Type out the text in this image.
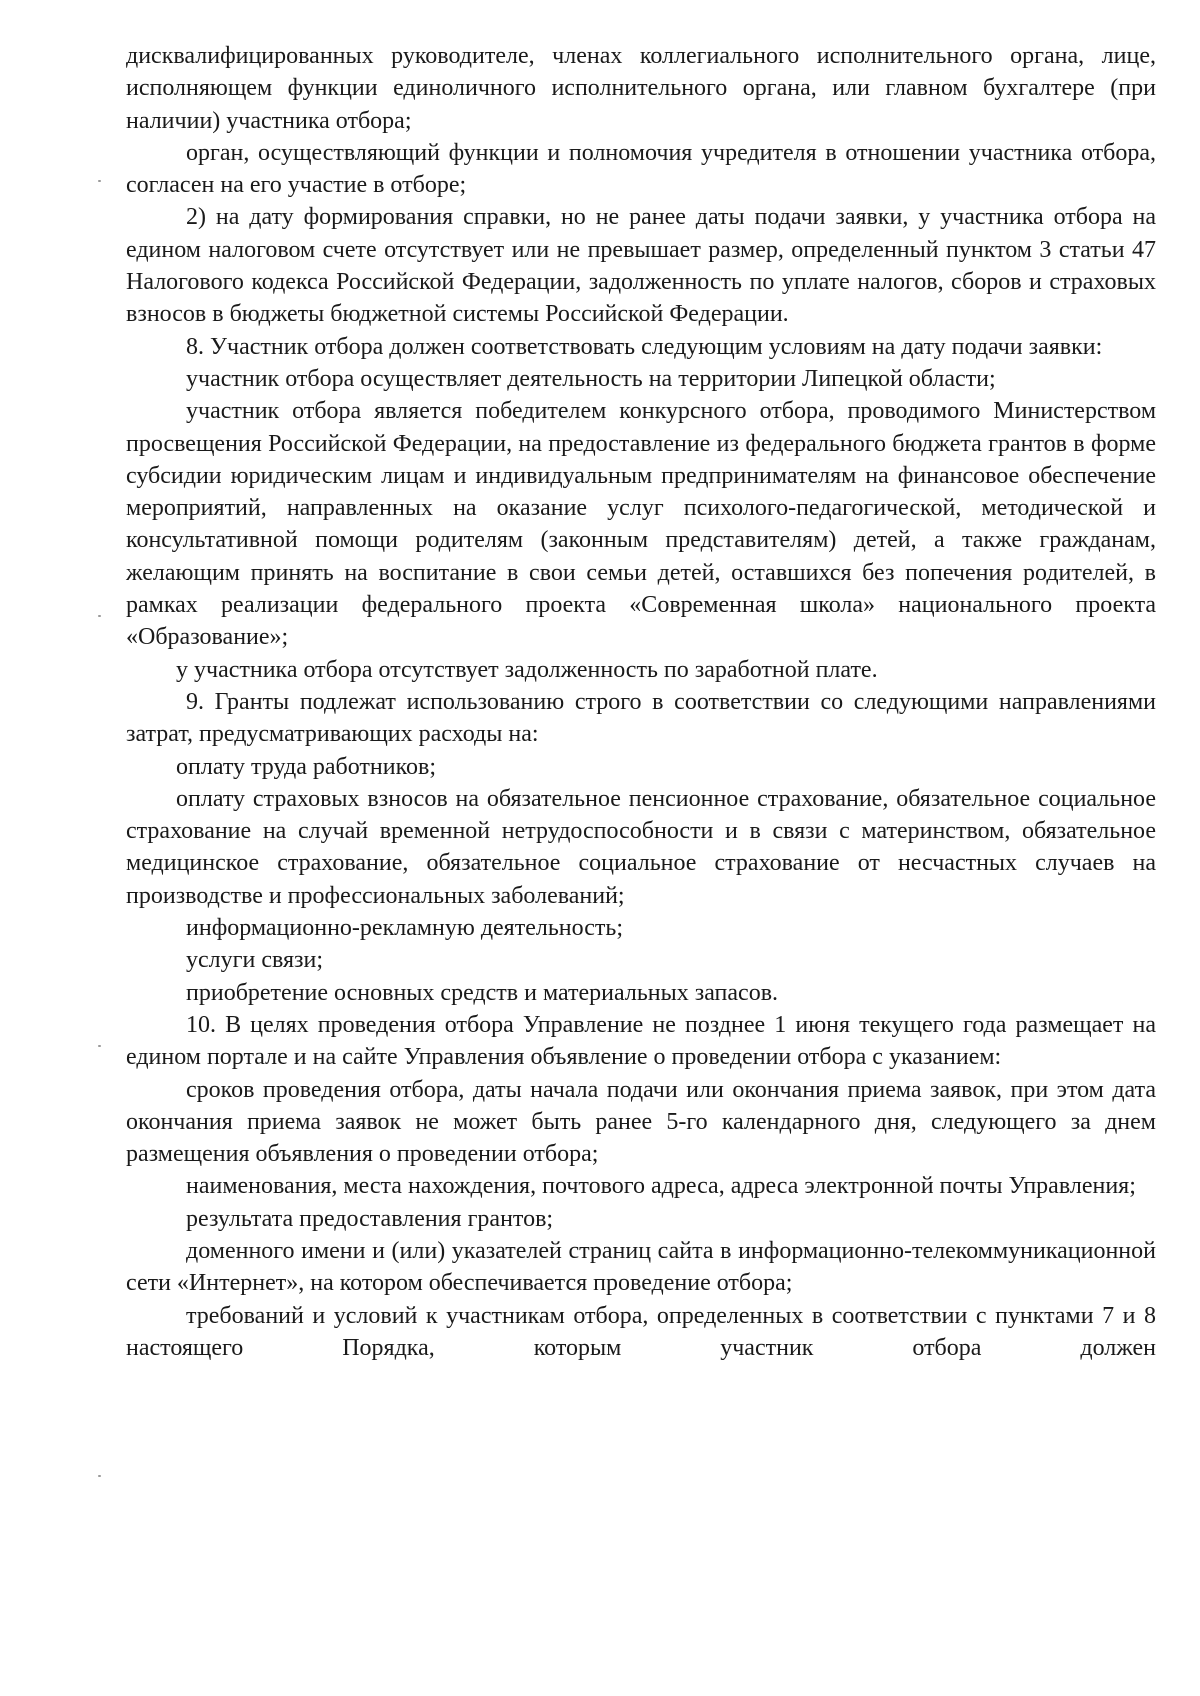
дисквалифицированных руководителе, членах коллегиального исполнительного органа, лице, исполняющем функции единоличного исполнительного органа, или главном бухгалтере (при наличии) участника отбора;

орган, осуществляющий функции и полномочия учредителя в отношении участника отбора, согласен на его участие в отборе;

2) на дату формирования справки, но не ранее даты подачи заявки, у участника отбора на едином налоговом счете отсутствует или не превышает размер, определенный пунктом 3 статьи 47 Налогового кодекса Российской Федерации, задолженность по уплате налогов, сборов и страховых взносов в бюджеты бюджетной системы Российской Федерации.

8. Участник отбора должен соответствовать следующим условиям на дату подачи заявки:

участник отбора осуществляет деятельность на территории Липецкой области;

участник отбора является победителем конкурсного отбора, проводимого Министерством просвещения Российской Федерации, на предоставление из федерального бюджета грантов в форме субсидии юридическим лицам и индивидуальным предпринимателям на финансовое обеспечение мероприятий, направленных на оказание услуг психолого-педагогической, методической и консультативной помощи родителям (законным представителям) детей, а также гражданам, желающим принять на воспитание в свои семьи детей, оставшихся без попечения родителей, в рамках реализации федерального проекта «Современная школа» национального проекта «Образование»;

у участника отбора отсутствует задолженность по заработной плате.

9. Гранты подлежат использованию строго в соответствии со следующими направлениями затрат, предусматривающих расходы на:

оплату труда работников;

оплату страховых взносов на обязательное пенсионное страхование, обязательное социальное страхование на случай временной нетрудоспособности и в связи с материнством, обязательное медицинское страхование, обязательное социальное страхование от несчастных случаев на производстве и профессиональных заболеваний;

информационно-рекламную деятельность;

услуги связи;

приобретение основных средств и материальных запасов.

10. В целях проведения отбора Управление не позднее 1 июня текущего года размещает на едином портале и на сайте Управления объявление о проведении отбора с указанием:

сроков проведения отбора, даты начала подачи или окончания приема заявок, при этом дата окончания приема заявок не может быть ранее 5-го календарного дня, следующего за днем размещения объявления о проведении отбора;

наименования, места нахождения, почтового адреса, адреса электронной почты Управления;

результата предоставления грантов;

доменного имени и (или) указателей страниц сайта в информационно-телекоммуникационной сети «Интернет», на котором обеспечивается проведение отбора;

требований и условий к участникам отбора, определенных в соответствии с пунктами 7 и 8 настоящего Порядка, которым участник отбора должен
